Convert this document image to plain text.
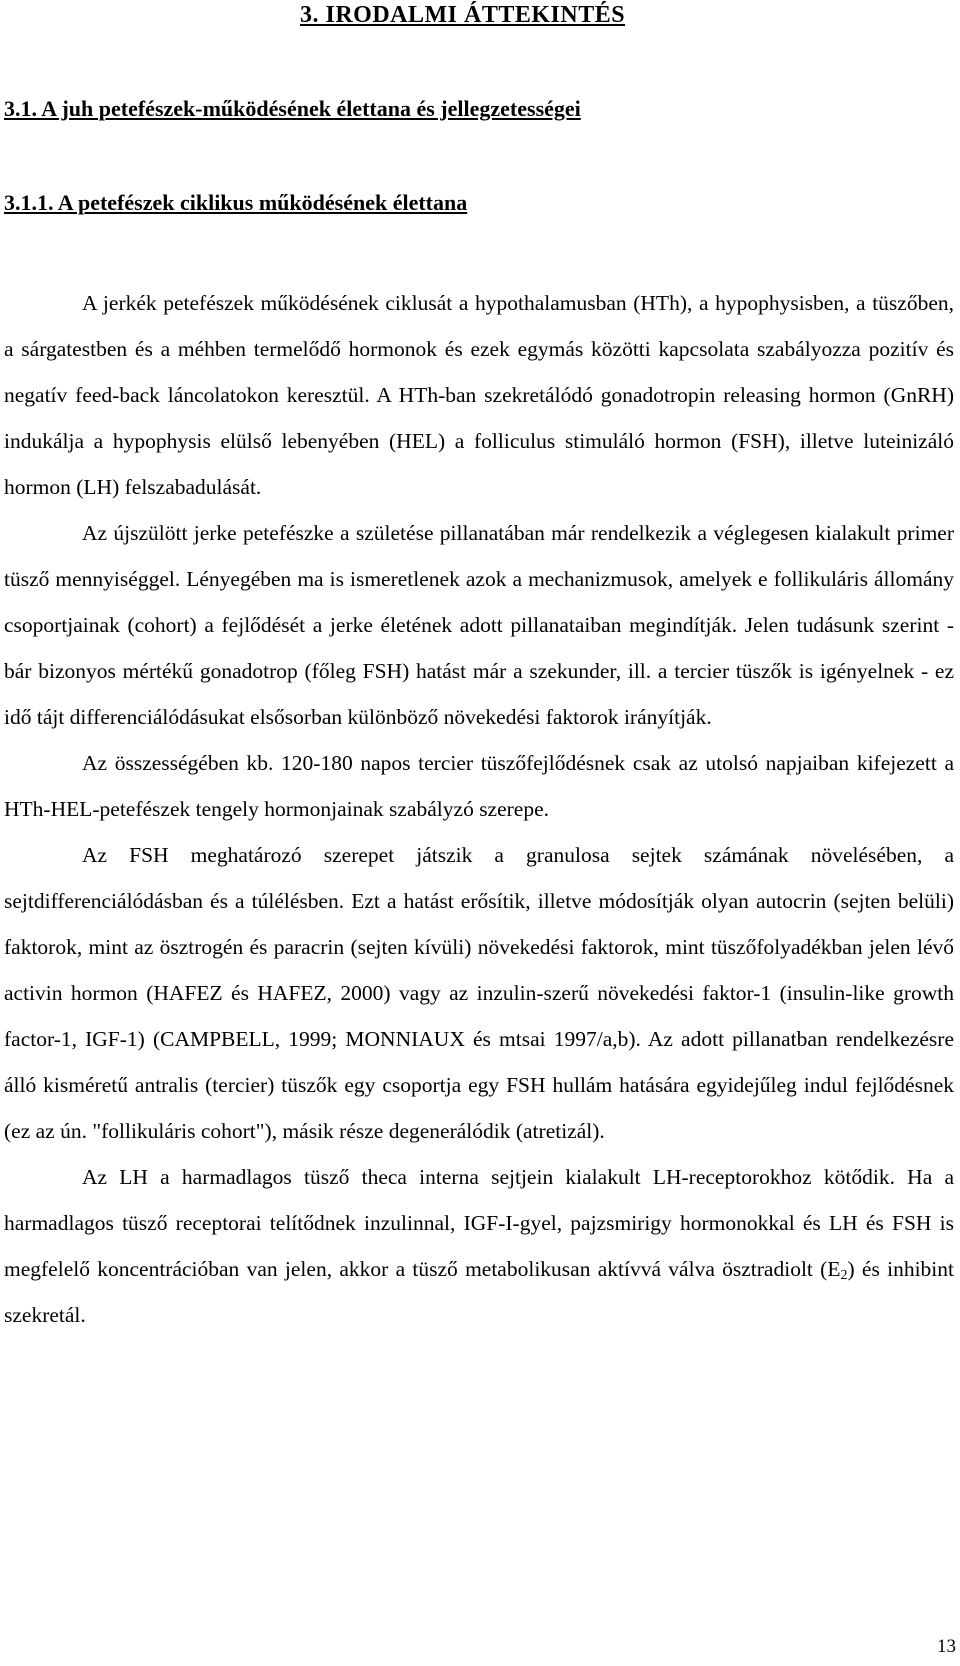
3. IRODALMI ÁTTEKINTÉS
3.1. A juh petefészek-működésének élettana és jellegzetességei
3.1.1. A petefészek ciklikus működésének élettana

A jerkék petefészek működésének ciklusát a hypothalamusban (HTh), a hypophysisben, a tüszőben, a sárgatestben és a méhben termelődő hormonok és ezek egymás közötti kapcsolata szabályozza pozitív és negatív feed-back láncolatokon keresztül. A HTh-ban szekretálódó gonadotropin releasing hormon (GnRH) indukálja a hypophysis elülső lebenyében (HEL) a folliculus stimuláló hormon (FSH), illetve luteinizáló hormon (LH) felszabadulását.

Az újszülött jerke petefészke a születése pillanatában már rendelkezik a véglegesen kialakult primer tüsző mennyiséggel. Lényegében ma is ismeretlenek azok a mechanizmusok, amelyek e follikuláris állomány csoportjainak (cohort) a fejlődését a jerke életének adott pillanataiban megindítják. Jelen tudásunk szerint - bár bizonyos mértékű gonadotrop (főleg FSH) hatást már a szekunder, ill. a tercier tüszők is igényelnek - ez idő tájt differenciálódásukat elsősorban különböző növekedési faktorok irányítják.

Az összességében kb. 120-180 napos tercier tüszőfejlődésnek csak az utolsó napjaiban kifejezett a HTh-HEL-petefészek tengely hormonjainak szabályzó szerepe.

Az FSH meghatározó szerepet játszik a granulosa sejtek számának növelésében, a sejtdifferenciálódásban és a túlélésben. Ezt a hatást erősítik, illetve módosítják olyan autocrin (sejten belüli) faktorok, mint az ösztrogén és paracrin (sejten kívüli) növekedési faktorok, mint tüszőfolyadékban jelen lévő activin hormon (HAFEZ és HAFEZ, 2000) vagy az inzulin-szerű növekedési faktor-1 (insulin-like growth factor-1, IGF-1) (CAMPBELL, 1999; MONNIAUX és mtsai 1997/a,b). Az adott pillanatban rendelkezésre álló kisméretű antralis (tercier) tüszők egy csoportja egy FSH hullám hatására egyidejűleg indul fejlődésnek (ez az ún. "follikuláris cohort"), másik része degenerálódik (atretizál).

Az LH a harmadlagos tüsző theca interna sejtjein kialakult LH-receptorokhoz kötődik. Ha a harmadlagos tüsző receptorai telítődnek inzulinnal, IGF-I-gyel, pajzsmirigy hormonokkal és LH és FSH is megfelelő koncentrációban van jelen, akkor a tüsző metabolikusan aktívvá válva ösztradiolt (E2) és inhibint szekretál.

13
